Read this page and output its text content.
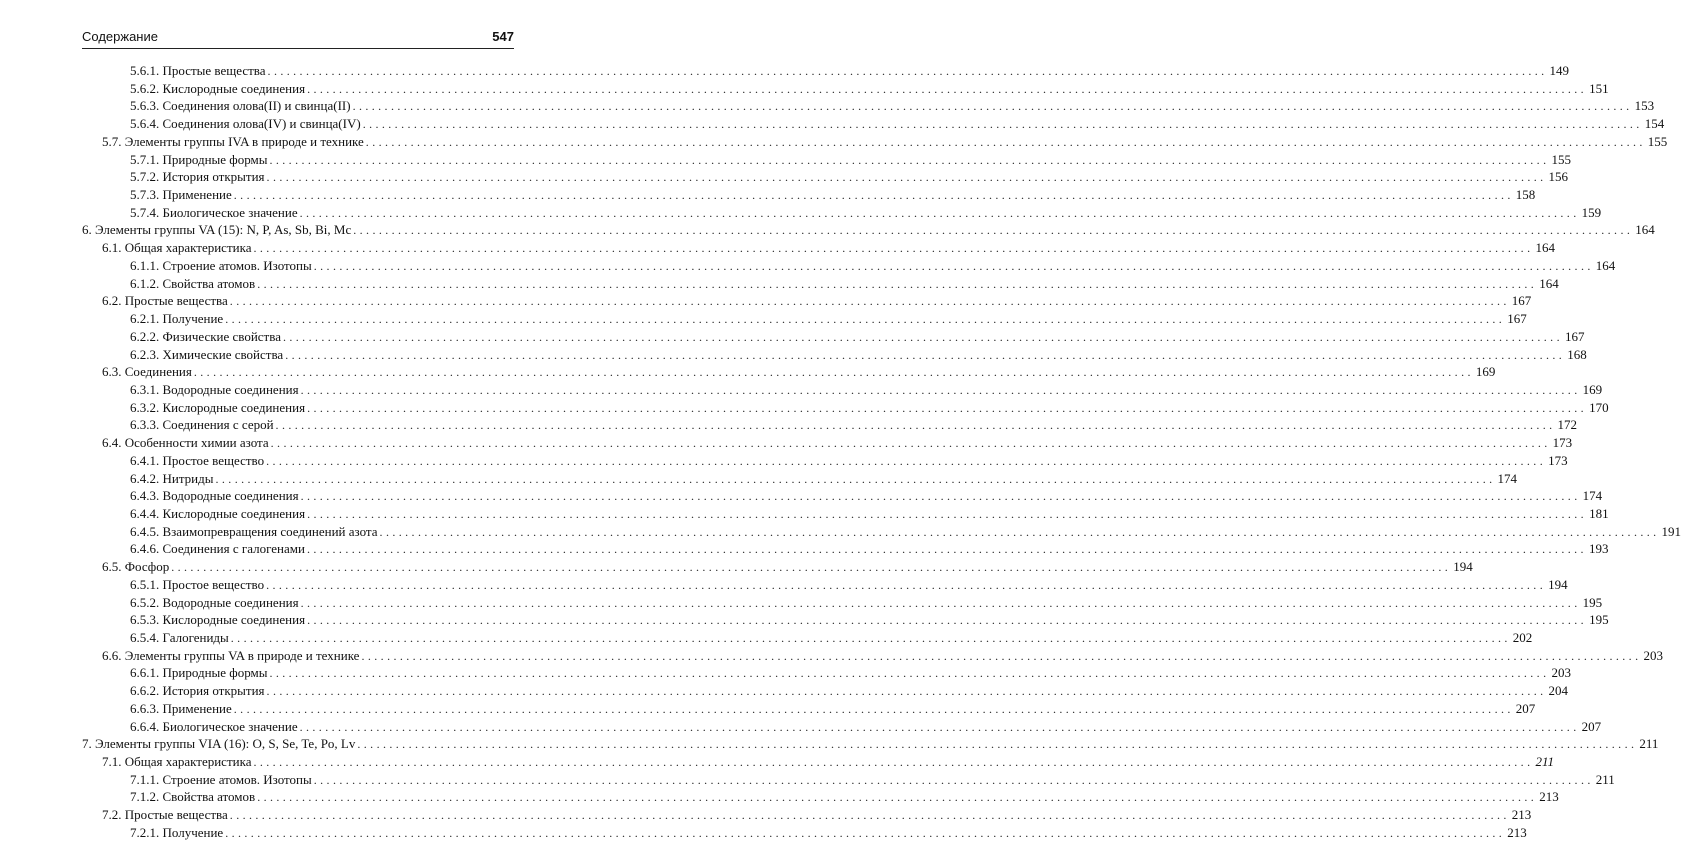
Содержание	547
5.6.1. Простые вещества ........................................................................................................................................................................................................ 149
5.6.2. Кислородные соединения ........................................................................................................................................................................................................ 151
5.6.3. Соединения олова(II) и свинца(II) ........................................................................................................................................................................................................ 153
5.6.4. Соединения олова(IV) и свинца(IV) ........................................................................................................................................................................................................ 154
5.7. Элементы группы IVA в природе и технике ........................................................................................................................................................................................................ 155
5.7.1. Природные формы ........................................................................................................................................................................................................ 155
5.7.2. История открытия ........................................................................................................................................................................................................ 156
5.7.3. Применение ........................................................................................................................................................................................................ 158
5.7.4. Биологическое значение ........................................................................................................................................................................................................ 159
6. Элементы группы VA (15): N, P, As, Sb, Bi, Mc ........................................................................................................................................................................................................ 164
6.1. Общая характеристика ........................................................................................................................................................................................................ 164
6.1.1. Строение атомов. Изотопы ........................................................................................................................................................................................................ 164
6.1.2. Свойства атомов ........................................................................................................................................................................................................ 164
6.2. Простые вещества ........................................................................................................................................................................................................ 167
6.2.1. Получение ........................................................................................................................................................................................................ 167
6.2.2. Физические свойства ........................................................................................................................................................................................................ 167
6.2.3. Химические свойства ........................................................................................................................................................................................................ 168
6.3. Соединения ........................................................................................................................................................................................................ 169
6.3.1. Водородные соединения ........................................................................................................................................................................................................ 169
6.3.2. Кислородные соединения ........................................................................................................................................................................................................ 170
6.3.3. Соединения с серой ........................................................................................................................................................................................................ 172
6.4. Особенности химии азота ........................................................................................................................................................................................................ 173
6.4.1. Простое вещество ........................................................................................................................................................................................................ 173
6.4.2. Нитриды ........................................................................................................................................................................................................ 174
6.4.3. Водородные соединения ........................................................................................................................................................................................................ 174
6.4.4. Кислородные соединения ........................................................................................................................................................................................................ 181
6.4.5. Взаимопревращения соединений азота ........................................................................................................................................................................................................ 191
6.4.6. Соединения с галогенами ........................................................................................................................................................................................................ 193
6.5. Фосфор ........................................................................................................................................................................................................ 194
6.5.1. Простое вещество ........................................................................................................................................................................................................ 194
6.5.2. Водородные соединения ........................................................................................................................................................................................................ 195
6.5.3. Кислородные соединения ........................................................................................................................................................................................................ 195
6.5.4. Галогениды ........................................................................................................................................................................................................ 202
6.6. Элементы группы VA в природе и технике ........................................................................................................................................................................................................ 203
6.6.1. Природные формы ........................................................................................................................................................................................................ 203
6.6.2. История открытия ........................................................................................................................................................................................................ 204
6.6.3. Применение ........................................................................................................................................................................................................ 207
6.6.4. Биологическое значение ........................................................................................................................................................................................................ 207
7. Элементы группы VIA (16): O, S, Se, Te, Po, Lv ........................................................................................................................................................................................................ 211
7.1. Общая характеристика ........................................................................................................................................................................................................ 211
7.1.1. Строение атомов. Изотопы ........................................................................................................................................................................................................ 211
7.1.2. Свойства атомов ........................................................................................................................................................................................................ 213
7.2. Простые вещества ........................................................................................................................................................................................................ 213
7.2.1. Получение ........................................................................................................................................................................................................ 213
